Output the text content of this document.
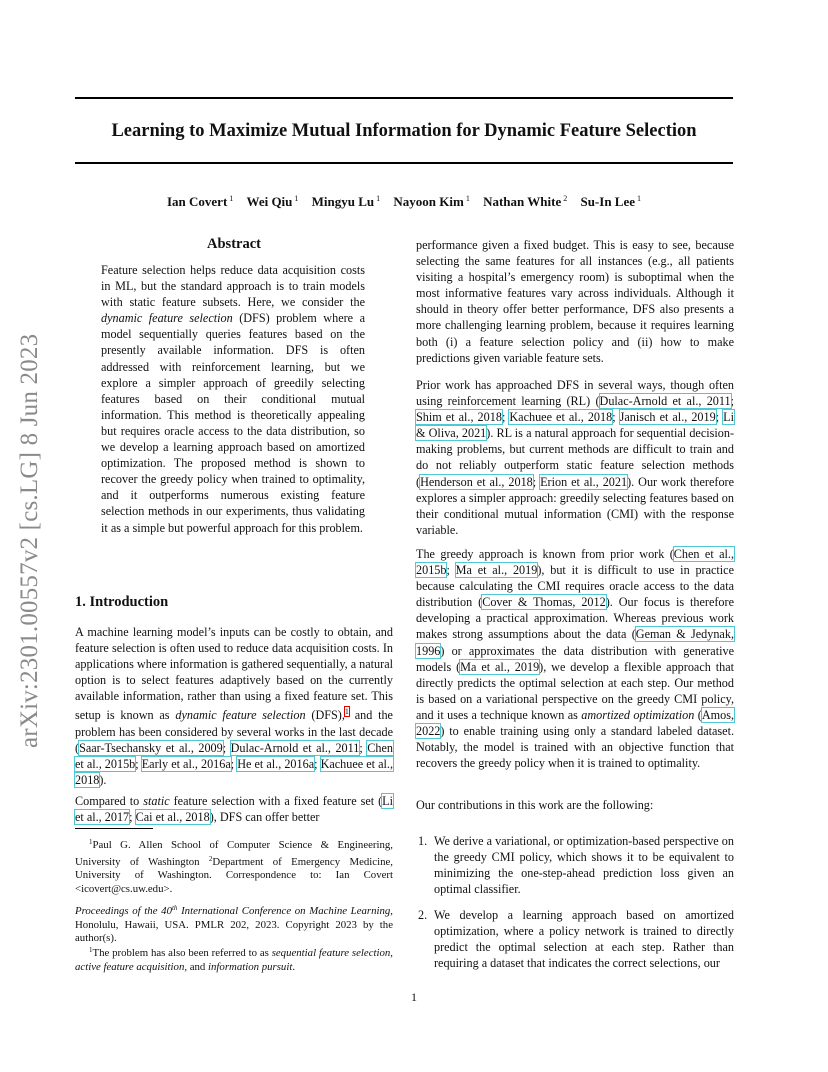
Learning to Maximize Mutual Information for Dynamic Feature Selection
Ian Covert $^1$ Wei Qiu $^1$ Mingyu Lu $^1$ Nayoon Kim $^1$ Nathan White $^2$ Su-In Lee $^1$
arXiv:2301.00557v2 [cs.LG] 8 Jun 2023
Abstract

Feature selection helps reduce data acquisition costs in ML, but the standard approach is to train models with static feature subsets. Here, we consider the dynamic feature selection (DFS) problem where a model sequentially queries features based on the presently available information. DFS is often addressed with reinforcement learning, but we explore a simpler approach of greedily selecting features based on their conditional mutual information. This method is theoretically appealing but requires oracle access to the data distribution, so we develop a learning approach based on amortized optimization. The proposed method is shown to recover the greedy policy when trained to optimality, and it outperforms numerous existing feature selection methods in our experiments, thus validating it as a simple but powerful approach for this problem.

1. Introduction

A machine learning model’s inputs can be costly to obtain, and feature selection is often used to reduce data acquisition costs. In applications where information is gathered sequentially, a natural option is to select features adaptively based on the currently available information, rather than using a fixed feature set. This setup is known as dynamic feature selection (DFS),$^1$ and the problem has been considered by several works in the last decade (Saar-Tsechansky et al., 2009; Dulac-Arnold et al., 2011; Chen et al., 2015b; Early et al., 2016a; He et al., 2016a; Kachuee et al., 2018).

Compared to static feature selection with a fixed feature set (Li et al., 2017; Cai et al., 2018), DFS can offer better

$^1$Paul G. Allen School of Computer Science & Engineering, University of Washington $^2$Department of Emergency Medicine, University of Washington. Correspondence to: Ian Covert <icovert@cs.uw.edu>.
Proceedings of the 40th International Conference on Machine Learning, Honolulu, Hawaii, USA. PMLR 202, 2023. Copyright 2023 by the author(s).
$^1$The problem has also been referred to as sequential feature selection, active feature acquisition, and information pursuit.

performance given a fixed budget. This is easy to see, because selecting the same features for all instances (e.g., all patients visiting a hospital’s emergency room) is suboptimal when the most informative features vary across individuals. Although it should in theory offer better performance, DFS also presents a more challenging learning problem, because it requires learning both (i) a feature selection policy and (ii) how to make predictions given variable feature sets.

Prior work has approached DFS in several ways, though often using reinforcement learning (RL) (Dulac-Arnold et al., 2011; Shim et al., 2018; Kachuee et al., 2018; Janisch et al., 2019; Li & Oliva, 2021). RL is a natural approach for sequential decision-making problems, but current methods are difficult to train and do not reliably outperform static feature selection methods (Henderson et al., 2018; Erion et al., 2021). Our work therefore explores a simpler approach: greedily selecting features based on their conditional mutual information (CMI) with the response variable.

The greedy approach is known from prior work (Chen et al., 2015b; Ma et al., 2019), but it is difficult to use in practice because calculating the CMI requires oracle access to the data distribution (Cover & Thomas, 2012). Our focus is therefore developing a practical approximation. Whereas previous work makes strong assumptions about the data (Geman & Jedynak, 1996) or approximates the data distribution with generative models (Ma et al., 2019), we develop a flexible approach that directly predicts the optimal selection at each step. Our method is based on a variational perspective on the greedy CMI policy, and it uses a technique known as amortized optimization (Amos, 2022) to enable training using only a standard labeled dataset. Notably, the model is trained with an objective function that recovers the greedy policy when it is trained to optimality.

Our contributions in this work are the following:

1. We derive a variational, or optimization-based perspective on the greedy CMI policy, which shows it to be equivalent to minimizing the one-step-ahead prediction loss given an optimal classifier.
2. We develop a learning approach based on amortized optimization, where a policy network is trained to directly predict the optimal selection at each step. Rather than requiring a dataset that indicates the correct selections, our
1
